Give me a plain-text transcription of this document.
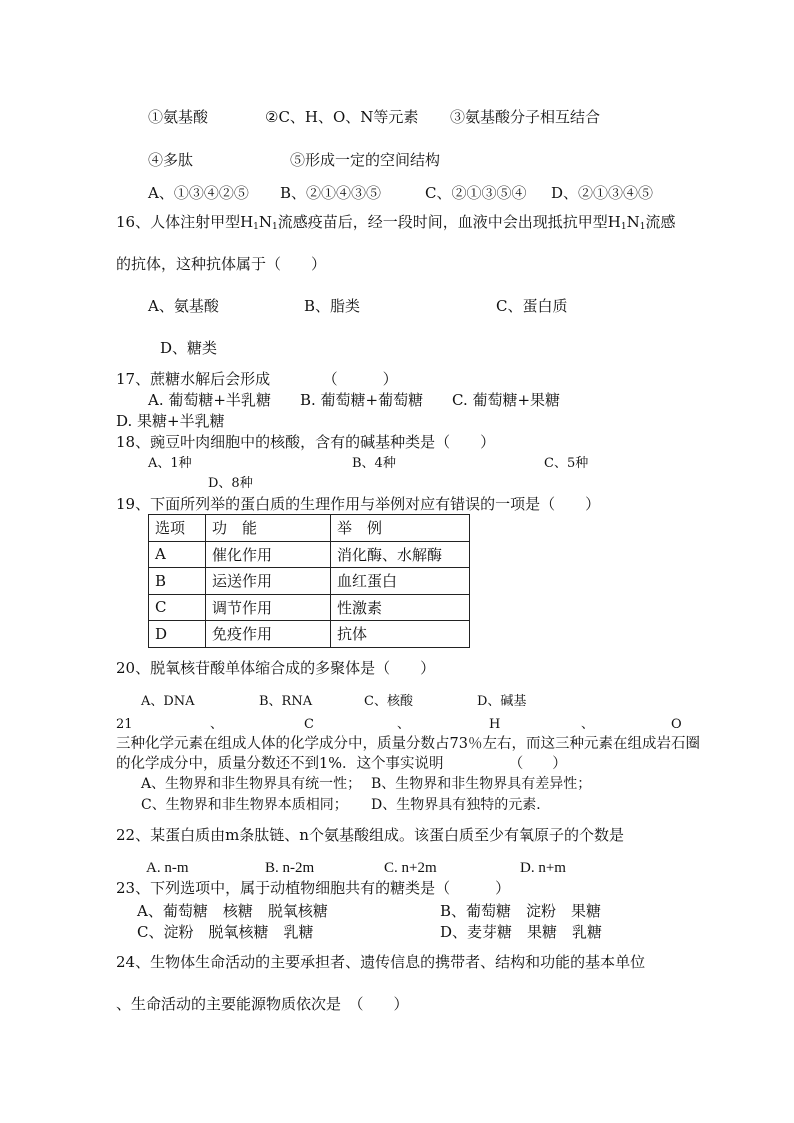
①氨基酸	②C、H、O、N等元素 ③氨基酸分子相互结合
④多肽	⑤形成一定的空间结构
A、①③④②⑤ B、②①④③⑤	C、②①③⑤④ D、②①③④⑤
16、人体注射甲型$H_1N_1$流感疫苗后，经一段时间，血液中会出现抵抗甲型$H_1N_1$流感
的抗体，这种抗体属于（　　）
A、氨基酸	B、脂类	C、蛋白质
D、糖类
17、蔗糖水解后会形成　　　　（　　　）
A. 葡萄糖+半乳糖 B. 葡萄糖+葡萄糖 C. 葡萄糖+果糖
D. 果糖+半乳糖
18、豌豆叶肉细胞中的核酸，含有的碱基种类是（　　）
A、1种	B、4种	C、5种
D、8种
19、下面所列举的蛋白质的生理作用与举例对应有错误的一项是（　　）
选项	功　能	举　例
A	催化作用	消化酶、水解酶
B	运送作用	血红蛋白
C	调节作用	性激素
D	免疫作用	抗体
20、脱氧核苷酸单体缩合成的多聚体是（　　）
A、DNA	B、RNA	C、核酸	D、碱基
21	、	C	、	H	、	O
三种化学元素在组成人体的化学成分中，质量分数占73％左右，而这三种元素在组成岩石圈
的化学成分中，质量分数还不到1%．这个事实说明　　　　　（　　）
A、生物界和非生物界具有统一性； B、生物界和非生物界具有差异性；
C、生物界和非生物界本质相同； D、生物界具有独特的元素．
22、某蛋白质由m条肽链、n个氨基酸组成。该蛋白质至少有氧原子的个数是
A. n-m	B. n-2m	C. n+2m	D. n+m
23、下列选项中，属于动植物细胞共有的糖类是（　　　）
A、葡萄糖　核糖　脱氧核糖	B、葡萄糖　淀粉　果糖
C、淀粉　脱氧核糖　乳糖	D、麦芽糖　果糖　乳糖
24、生物体生命活动的主要承担者、遗传信息的携带者、结构和功能的基本单位
、生命活动的主要能源物质依次是　（　　）
